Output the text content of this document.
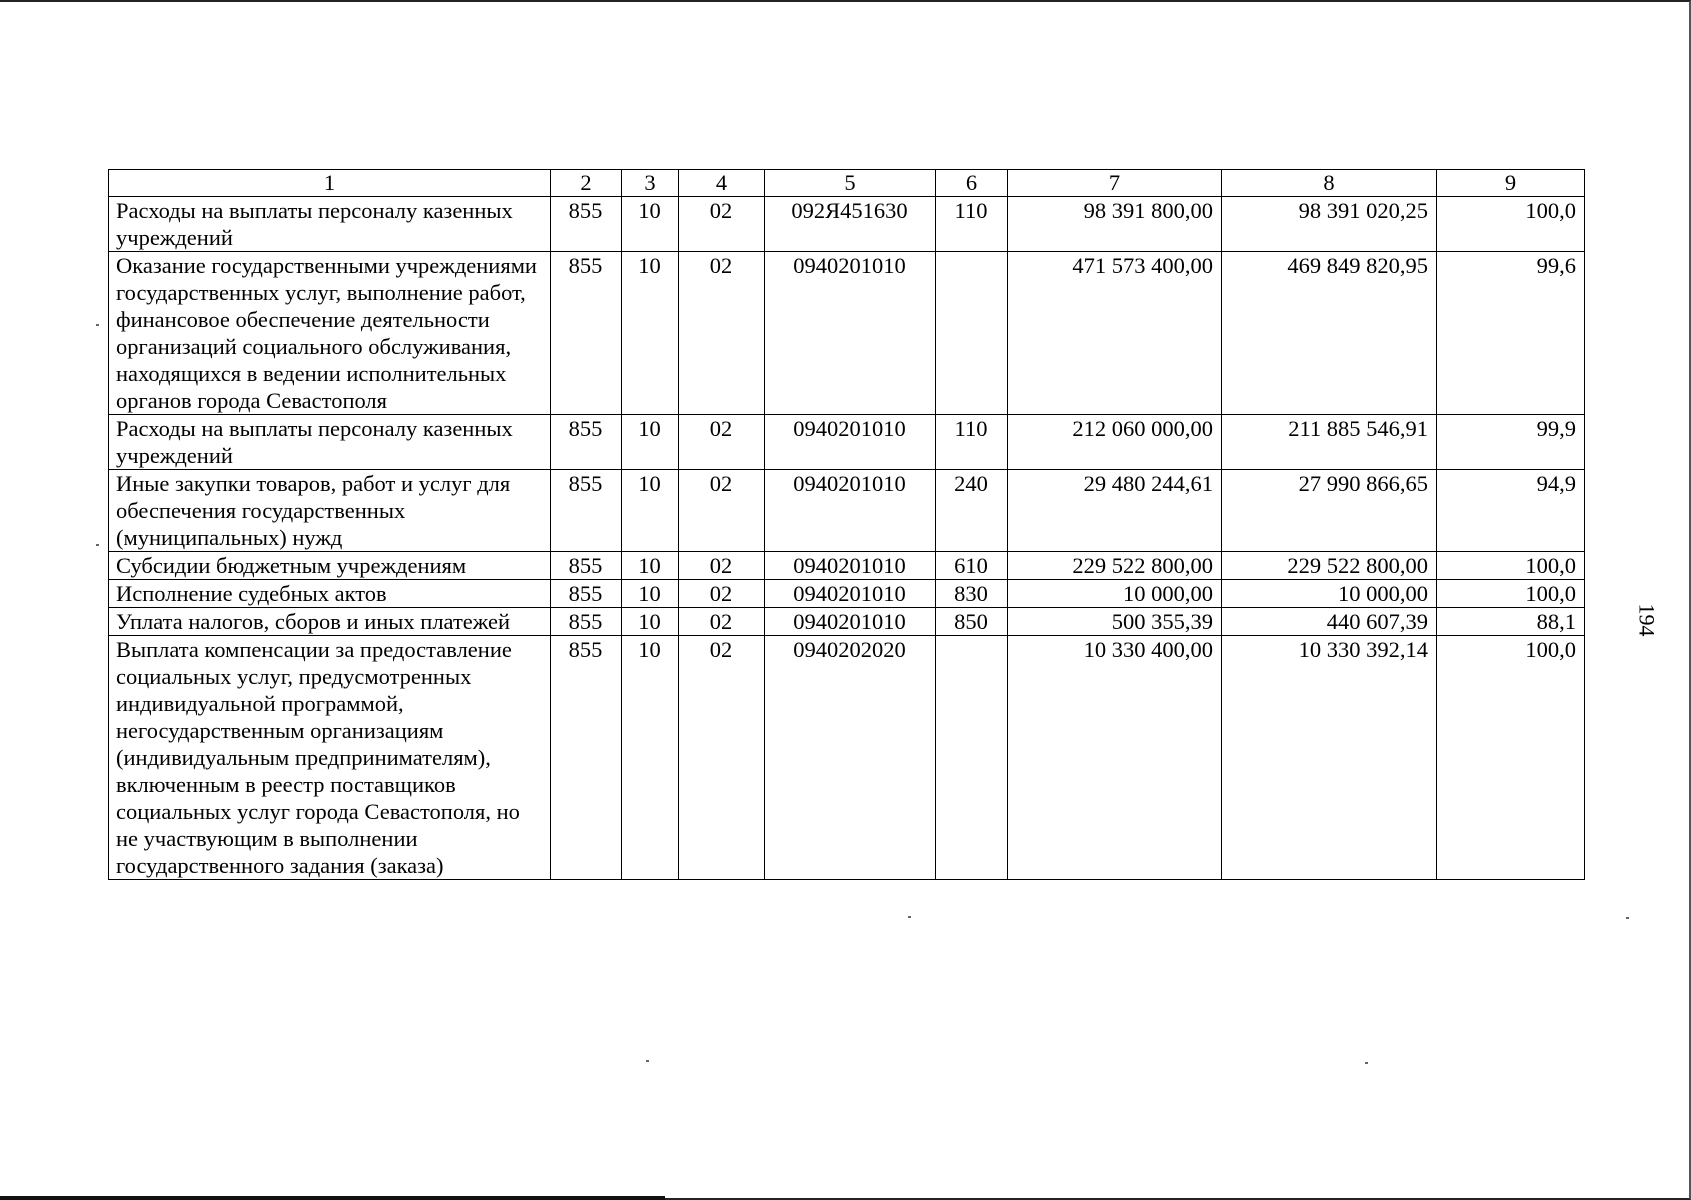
1	2	3	4	5	6	7	8	9
Расходы на выплаты персоналу казенных учреждений	855	10	02	092Я451630	110	98 391 800,00	98 391 020,25	100,0
Оказание государственными учреждениями государственных услуг, выполнение работ, финансовое обеспечение деятельности организаций социального обслуживания, находящихся в ведении исполнительных органов города Севастополя	855	10	02	0940201010		471 573 400,00	469 849 820,95	99,6
Расходы на выплаты персоналу казенных учреждений	855	10	02	0940201010	110	212 060 000,00	211 885 546,91	99,9
Иные закупки товаров, работ и услуг для обеспечения государственных (муниципальных) нужд	855	10	02	0940201010	240	29 480 244,61	27 990 866,65	94,9
Субсидии бюджетным учреждениям	855	10	02	0940201010	610	229 522 800,00	229 522 800,00	100,0
Исполнение судебных актов	855	10	02	0940201010	830	10 000,00	10 000,00	100,0
Уплата налогов, сборов и иных платежей	855	10	02	0940201010	850	500 355,39	440 607,39	88,1
Выплата компенсации за предоставление социальных услуг, предусмотренных индивидуальной программой, негосударственным организациям (индивидуальным предпринимателям), включенным в реестр поставщиков социальных услуг города Севастополя, но не участвующим в выполнении государственного задания (заказа)	855	10	02	0940202020		10 330 400,00	10 330 392,14	100,0
194
